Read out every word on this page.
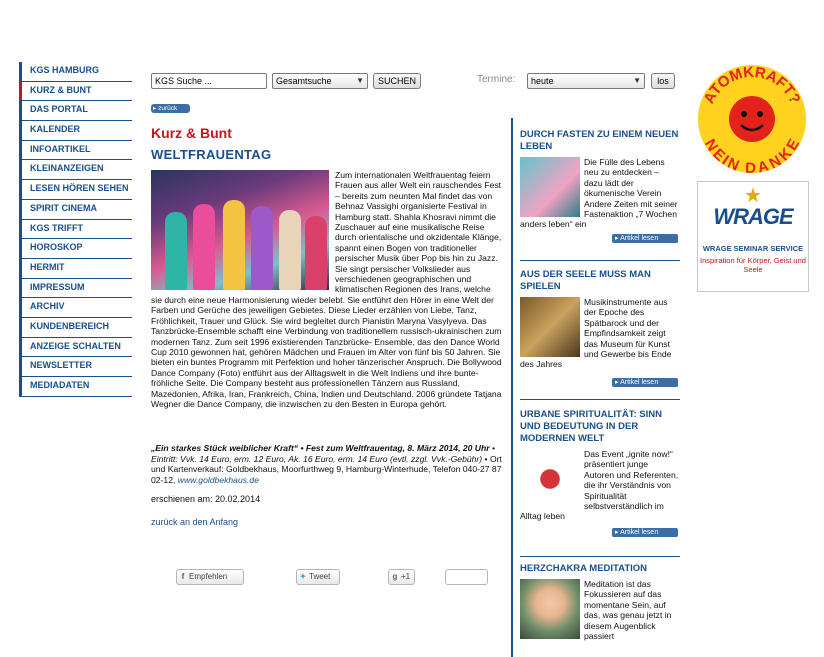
KGS HAMBURG
KURZ & BUNT
DAS PORTAL
KALENDER
INFOARTIKEL
KLEINANZEIGEN
LESEN HÖREN SEHEN
SPIRIT CINEMA
KGS TRIFFT
HOROSKOP
HERMIT
IMPRESSUM
ARCHIV
KUNDENBEREICH
ANZEIGE SCHALTEN
NEWSLETTER
MEDIADATEN
KGS Suche ...	Gesamtsuche	▼	SUCHEN	Termine:	heute	▼	los
▸ zurück
Kurz & Bunt
WELTFRAUENTAG
Zum internationalen Weltfrauentag feiern Frauen aus aller Welt ein rauschendes Fest – bereits zum neunten Mal findet das von Behnaz Vassighi organisierte Festival in Hamburg statt. Shahla Khosravi nimmt die Zuschauer auf eine musikalische Reise durch orientalische und okzidentale Klänge, spannt einen Bogen von traditioneller persischer Musik über Pop bis hin zu Jazz. Sie singt persischer Volkslieder aus verschiedenen geographischen und klimatischen Regionen des Irans, welche sie durch eine neue Harmonisierung wieder belebt. Sie entführt den Hörer in eine Welt der Farben und Gerüche des jeweiligen Gebietes. Diese Lieder erzählen von Liebe, Tanz, Fröhlichkeit, Trauer und Glück. Sie wird begleitet durch Pianistin Maryna Vasylyeva. Das Tanzbrücke-Ensemble schafft eine Verbindung von traditionellem russisch-ukrainischen zum modernen Tanz. Zum seit 1996 existierenden Tanzbrücke- Ensemble, das den Dance World Cup 2010 gewonnen hat, gehören Mädchen und Frauen im Alter von fünf bis 50 Jahren. Sie bieten ein buntes Programm mit Perfektion und hoher tänzerischer Anspruch. Die Bollywood Dance Company (Foto) entführt aus der Alltagswelt in die Welt Indiens und ihre bunte-fröhliche Seite. Die Company besteht aus professionellen Tänzern aus Russland, Mazedonien, Afrika, Iran, Frankreich, China, Indien und Deutschland. 2006 gründete Tatjana Wegner die Dance Company, die inzwischen zu den Besten in Europa gehört.
„Ein starkes Stück weiblicher Kraft“ • Fest zum Weltfrauentag, 8. März 2014, 20 Uhr • Eintritt: Vvk. 14 Euro, erm. 12 Euro, Ak. 16 Euro, erm. 14 Euro (evtl. zzgl. Vvk.-Gebühr) • Ort und Kartenverkauf: Goldbekhaus, Moorfurthweg 9, Hamburg-Winterhude, Telefon 040-27 87 02-12, www.goldbekhaus.de
erschienen am: 20.02.2014
zurück an den Anfang
f Empfehlen	✦ Tweet	g +1
DURCH FASTEN ZU EINEM NEUEN LEBEN

Die Fülle des Lebens neu zu entdecken – dazu lädt der ökumenische Verein Andere Zeiten mit seiner Fastenaktion „7 Wochen anders leben“ ein

▸ Artikel lesen
AUS DER SEELE MUSS MAN SPIELEN

Musikinstrumente aus der Epoche des Spätbarock und der Empfindsamkeit zeigt das Museum für Kunst und Gewerbe bis Ende des Jahres

▸ Artikel lesen
URBANE SPIRITUALITÄT: SINN UND BEDEUTUNG IN DER MODERNEN WELT

Das Event „ignite now!“ präsentiert junge Autoren und Referenten, die ihr Verständnis von Spiritualität selbstverständlich im Alltag leben

▸ Artikel lesen
HERZCHAKRA MEDITATION

Meditation ist das Fokussieren auf das momentane Sein, auf das, was genau jetzt in diesem Augenblick passiert

ATOMKRAFT?
NEIN DANKE
★
WRAGE
WRAGE SEMINAR SERVICE
Inspiration für Körper, Geist und Seele
